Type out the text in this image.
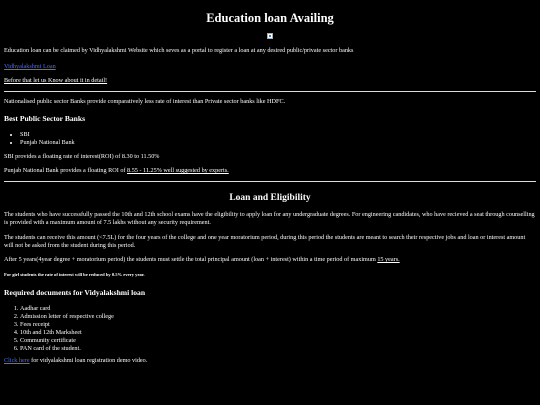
Education loan Availing

Education loan can be claimed by Vidhyalakshmi Website which seves as a portal to register a loan at any desired public/private sector banks

Vidhyalakshmi Loan
Before that let us Know about it in detail!

Nationalised public sector Banks provide comparatively less rate of interest than Private sector banks like HDFC.

Best Public Sector Banks
• SBI
• Punjab National Bank

SBI provides a floating rate of interest(ROI) of 8.30 to 11.50%

Punjab National Bank provides a floating ROI of 8.55 - 11.25% well suggested by experts.

Loan and Eligibility

The students who have successfully passed the 10th and 12th school exams have the eligibility to apply loan for any undergraduate degrees. For engineering candidates, who have recieved a seat through counselling is provided with a maximum amount of 7.5 lakhs without any security requirement.

The students can receive this amount (<7.5L) for the four years of the college and one year moratorium period, during this period the students are meant to search their respective jobs and loan or interest amount will not be asked from the student during this period.

After 5 years(4year degree + moratorium period) the students must settle the total principal amount (loan + interest) within a time period of maximum 15 years.

For girl students the rate of interest will be reduced by 0.5% every year.

Required documents for Vidyalakshmi loan
1. Aadhar card
2. Admission letter of respective college
3. Fees receipt
4. 10th and 12th Marksheet
5. Community certificate
6. PAN card of the student.

Click here for vidyalakshmi loan registration demo video.
